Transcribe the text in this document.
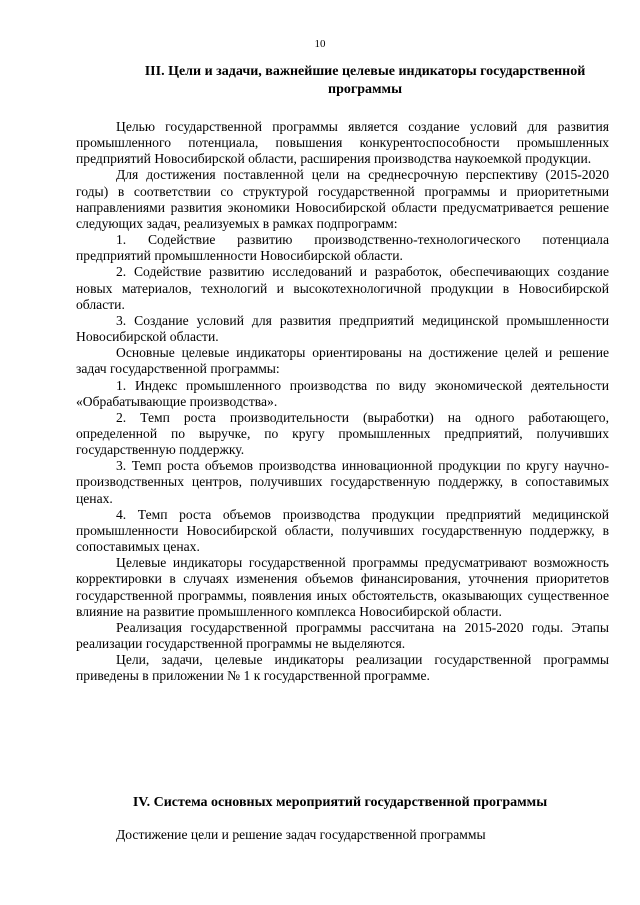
10
III. Цели и задачи, важнейшие целевые индикаторы государственной программы

Целью государственной программы является создание условий для развития промышленного потенциала, повышения конкурентоспособности промышленных предприятий Новосибирской области, расширения производства наукоемкой продукции.

Для достижения поставленной цели на среднесрочную перспективу (2015-2020 годы) в соответствии со структурой государственной программы и приоритетными направлениями развития экономики Новосибирской области предусматривается решение следующих задач, реализуемых в рамках подпрограмм:

1. Содействие развитию производственно-технологического потенциала предприятий промышленности Новосибирской области.

2. Содействие развитию исследований и разработок, обеспечивающих создание новых материалов, технологий и высокотехнологичной продукции в Новосибирской области.

3. Создание условий для развития предприятий медицинской промышленности Новосибирской области.

Основные целевые индикаторы ориентированы на достижение целей и решение задач государственной программы:

1. Индекс промышленного производства по виду экономической деятельности «Обрабатывающие производства».

2. Темп роста производительности (выработки) на одного работающего, определенной по выручке, по кругу промышленных предприятий, получивших государственную поддержку.

3. Темп роста объемов производства инновационной продукции по кругу научно-производственных центров, получивших государственную поддержку, в сопоставимых ценах.

4. Темп роста объемов производства продукции предприятий медицинской промышленности Новосибирской области, получивших государственную поддержку, в сопоставимых ценах.

Целевые индикаторы государственной программы предусматривают возможность корректировки в случаях изменения объемов финансирования, уточнения приоритетов государственной программы, появления иных обстоятельств, оказывающих существенное влияние на развитие промышленного комплекса Новосибирской области.

Реализация государственной программы рассчитана на 2015-2020 годы. Этапы реализации государственной программы не выделяются.

Цели, задачи, целевые индикаторы реализации государственной программы приведены в приложении № 1 к государственной программе.

IV. Система основных мероприятий государственной программы

Достижение цели и решение задач государственной программы
